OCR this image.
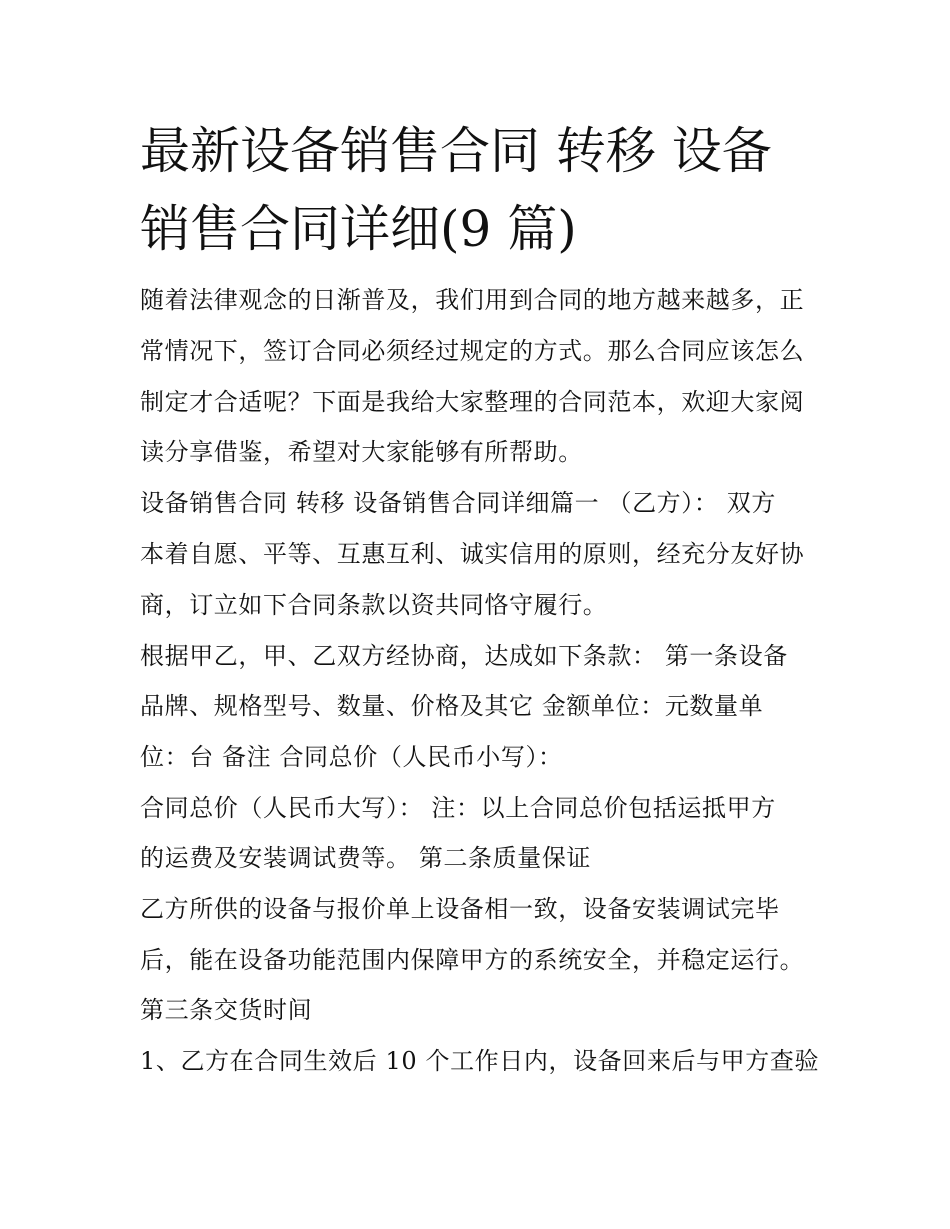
最新设备销售合同 转移 设备
销售合同详细(9 篇)

随着法律观念的日渐普及，我们用到合同的地方越来越多，正

常情况下，签订合同必须经过规定的方式。那么合同应该怎么

制定才合适呢？下面是我给大家整理的合同范本，欢迎大家阅

读分享借鉴，希望对大家能够有所帮助。

设备销售合同 转移 设备销售合同详细篇一 （乙方）： 双方

本着自愿、平等、互惠互利、诚实信用的原则，经充分友好协

商，订立如下合同条款以资共同恪守履行。

根据甲乙，甲、乙双方经协商，达成如下条款： 第一条设备

品牌、规格型号、数量、价格及其它 金额单位：元数量单

位：台 备注 合同总价（人民币小写）：

合同总价（人民币大写）： 注：以上合同总价包括运抵甲方

的运费及安装调试费等。 第二条质量保证

乙方所供的设备与报价单上设备相一致，设备安装调试完毕

后，能在设备功能范围内保障甲方的系统安全，并稳定运行。

第三条交货时间

1、乙方在合同生效后 10 个工作日内，设备回来后与甲方查验
